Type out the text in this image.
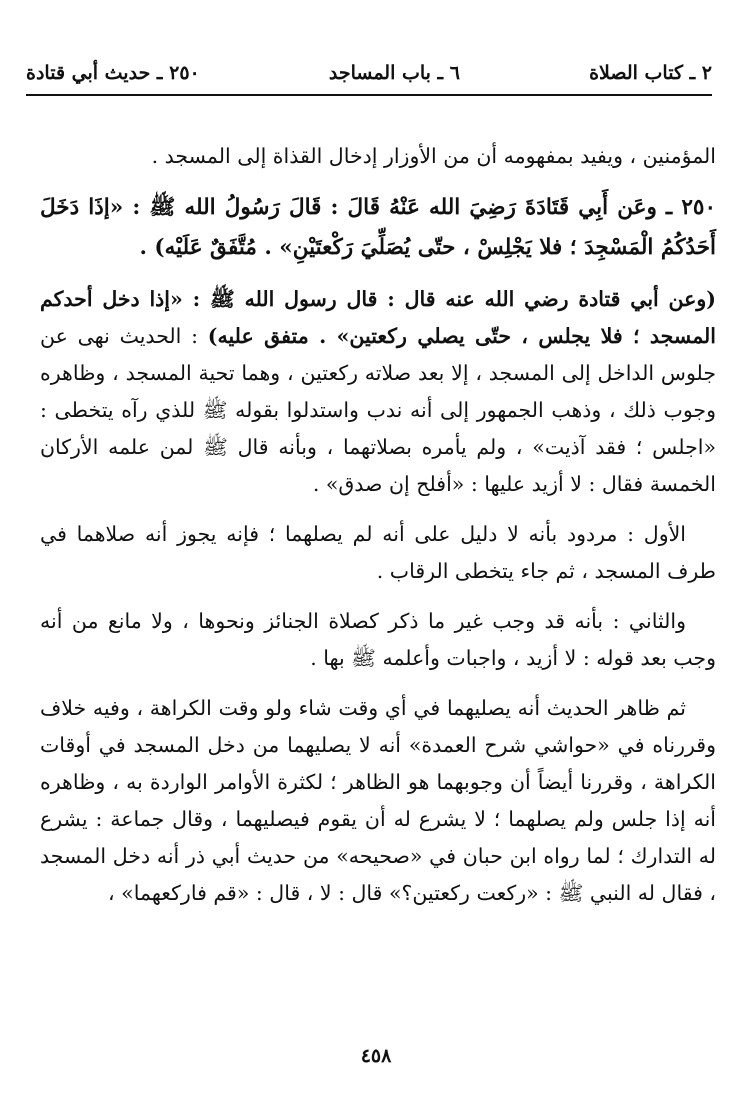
٢ ـ كتاب الصلاة
٦ ـ باب المساجد
٢٥٠ ـ حديث أبي قتادة

المؤمنين ، ويفيد بمفهومه أن من الأوزار إدخال القذاة إلى المسجد .

٢٥٠ ـ وعَن أَبِي قَتَادَةَ رَضِيَ الله عَنْهُ قَالَ : قَالَ رَسُولُ الله ﷺ : «إذَا دَخَلَ أَحَدُكُمُ الْمَسْجِدَ ؛ فلا يَجْلِسْ ، حتّى يُصَلِّيَ رَكْعتَيْنِ» . مُتَّفَقٌ عَلَيْه) .

(وعن أبي قتادة رضي الله عنه قال : قال رسول الله ﷺ : «إذا دخل أحدكم المسجد ؛ فلا يجلس ، حتّى يصلي ركعتين» . متفق عليه) : الحديث نهى عن جلوس الداخل إلى المسجد ، إلا بعد صلاته ركعتين ، وهما تحية المسجد ، وظاهره وجوب ذلك ، وذهب الجمهور إلى أنه ندب واستدلوا بقوله ﷺ للذي رآه يتخطى : «اجلس ؛ فقد آذيت» ، ولم يأمره بصلاتهما ، وبأنه قال ﷺ لمن علمه الأركان الخمسة فقال : لا أزيد عليها : «أفلح إن صدق» .

الأول : مردود بأنه لا دليل على أنه لم يصلهما ؛ فإنه يجوز أنه صلاهما في طرف المسجد ، ثم جاء يتخطى الرقاب .

والثاني : بأنه قد وجب غير ما ذكر كصلاة الجنائز ونحوها ، ولا مانع من أنه وجب بعد قوله : لا أزيد ، واجبات وأعلمه ﷺ بها .

ثم ظاهر الحديث أنه يصليهما في أي وقت شاء ولو وقت الكراهة ، وفيه خلاف وقررناه في «حواشي شرح العمدة» أنه لا يصليهما من دخل المسجد في أوقات الكراهة ، وقررنا أيضاً أن وجوبهما هو الظاهر ؛ لكثرة الأوامر الواردة به ، وظاهره أنه إذا جلس ولم يصلهما ؛ لا يشرع له أن يقوم فيصليهما ، وقال جماعة : يشرع له التدارك ؛ لما رواه ابن حبان في «صحيحه» من حديث أبي ذر أنه دخل المسجد ، فقال له النبي ﷺ : «ركعت ركعتين؟» قال : لا ، قال : «قم فاركعهما» ،

٤٥٨
